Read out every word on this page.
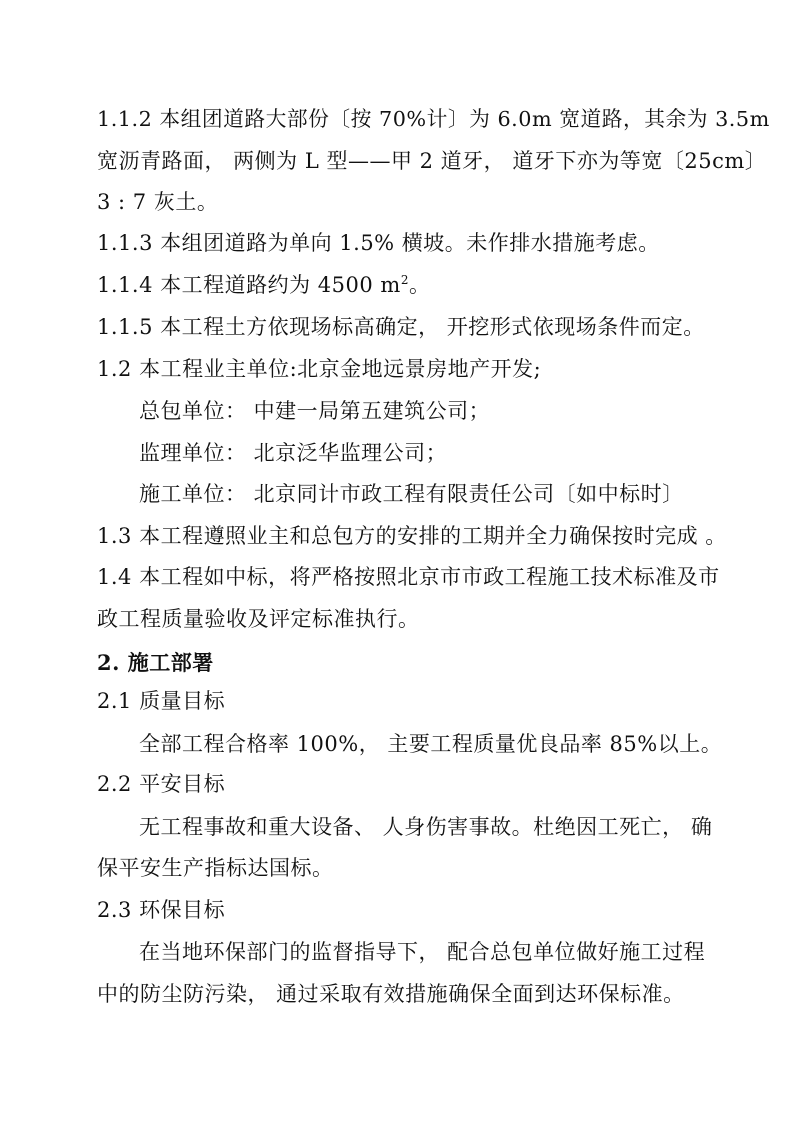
1.1.2 本组团道路大部份〔按 70%计〕为 6.0m 宽道路，其余为 3.5m
宽沥青路面， 两侧为 L 型——甲 2 道牙， 道牙下亦为等宽〔25cm〕
3 : 7 灰土。
1.1.3 本组团道路为单向 1.5% 横坡。未作排水措施考虑。
1.1.4 本工程道路约为 4500 $m^2$。
1.1.5 本工程土方依现场标高确定， 开挖形式依现场条件而定。
1.2 本工程业主单位:北京金地远景房地产开发;
总包单位： 中建一局第五建筑公司；
监理单位： 北京泛华监理公司；
施工单位： 北京同计市政工程有限责任公司〔如中标时〕
1.3 本工程遵照业主和总包方的安排的工期并全力确保按时完成 。
1.4 本工程如中标，将严格按照北京市市政工程施工技术标准及市
政工程质量验收及评定标准执行。
2. 施工部署
2.1 质量目标
全部工程合格率 100%， 主要工程质量优良品率 85%以上。
2.2 平安目标
无工程事故和重大设备、 人身伤害事故。杜绝因工死亡， 确
保平安生产指标达国标。
2.3 环保目标
在当地环保部门的监督指导下， 配合总包单位做好施工过程
中的防尘防污染， 通过采取有效措施确保全面到达环保标准。
